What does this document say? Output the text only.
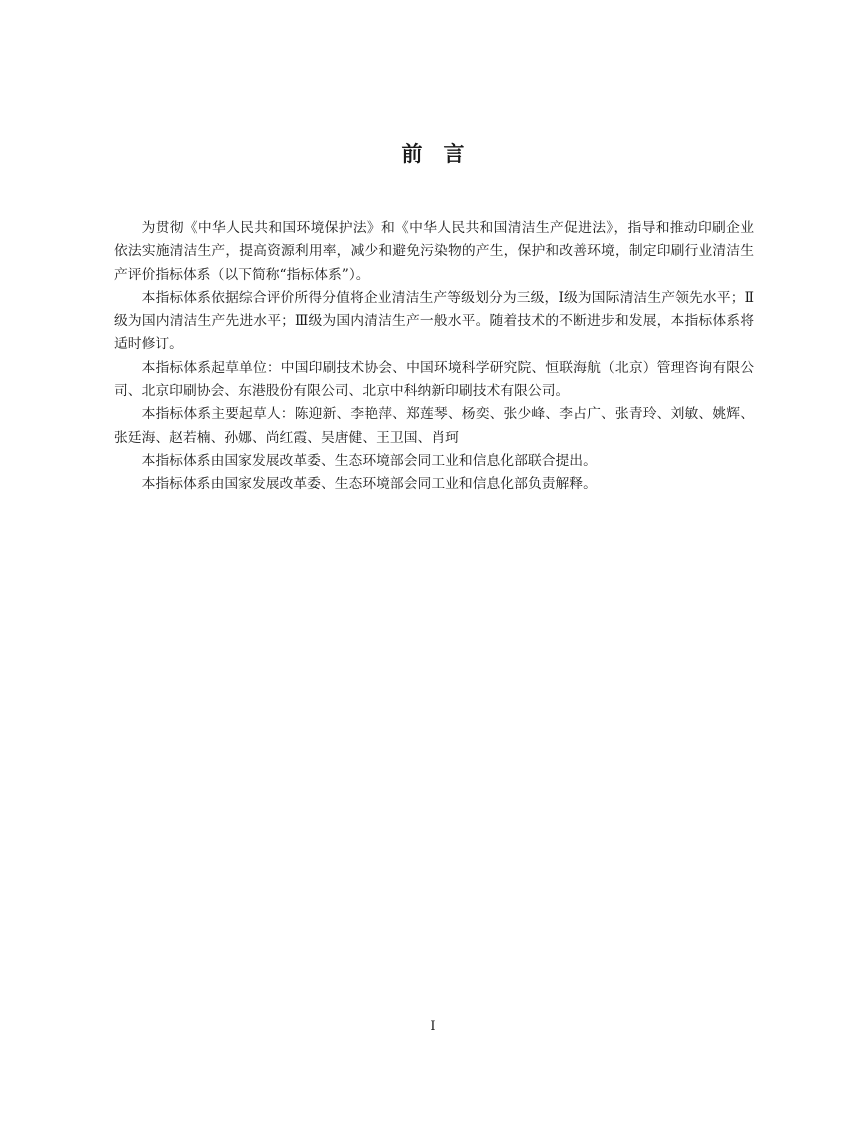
前　言

为贯彻《中华人民共和国环境保护法》和《中华人民共和国清洁生产促进法》，指导和推动印刷企业依法实施清洁生产，提高资源利用率，减少和避免污染物的产生，保护和改善环境，制定印刷行业清洁生产评价指标体系（以下简称“指标体系”）。

本指标体系依据综合评价所得分值将企业清洁生产等级划分为三级，Ⅰ级为国际清洁生产领先水平；Ⅱ级为国内清洁生产先进水平；Ⅲ级为国内清洁生产一般水平。随着技术的不断进步和发展，本指标体系将适时修订。

本指标体系起草单位：中国印刷技术协会、中国环境科学研究院、恒联海航（北京）管理咨询有限公司、北京印刷协会、东港股份有限公司、北京中科纳新印刷技术有限公司。

本指标体系主要起草人：陈迎新、李艳萍、郑莲琴、杨奕、张少峰、李占广、张青玲、刘敏、姚辉、张廷海、赵若楠、孙娜、尚红霞、吴唐健、王卫国、肖珂

本指标体系由国家发展改革委、生态环境部会同工业和信息化部联合提出。

本指标体系由国家发展改革委、生态环境部会同工业和信息化部负责解释。

I
